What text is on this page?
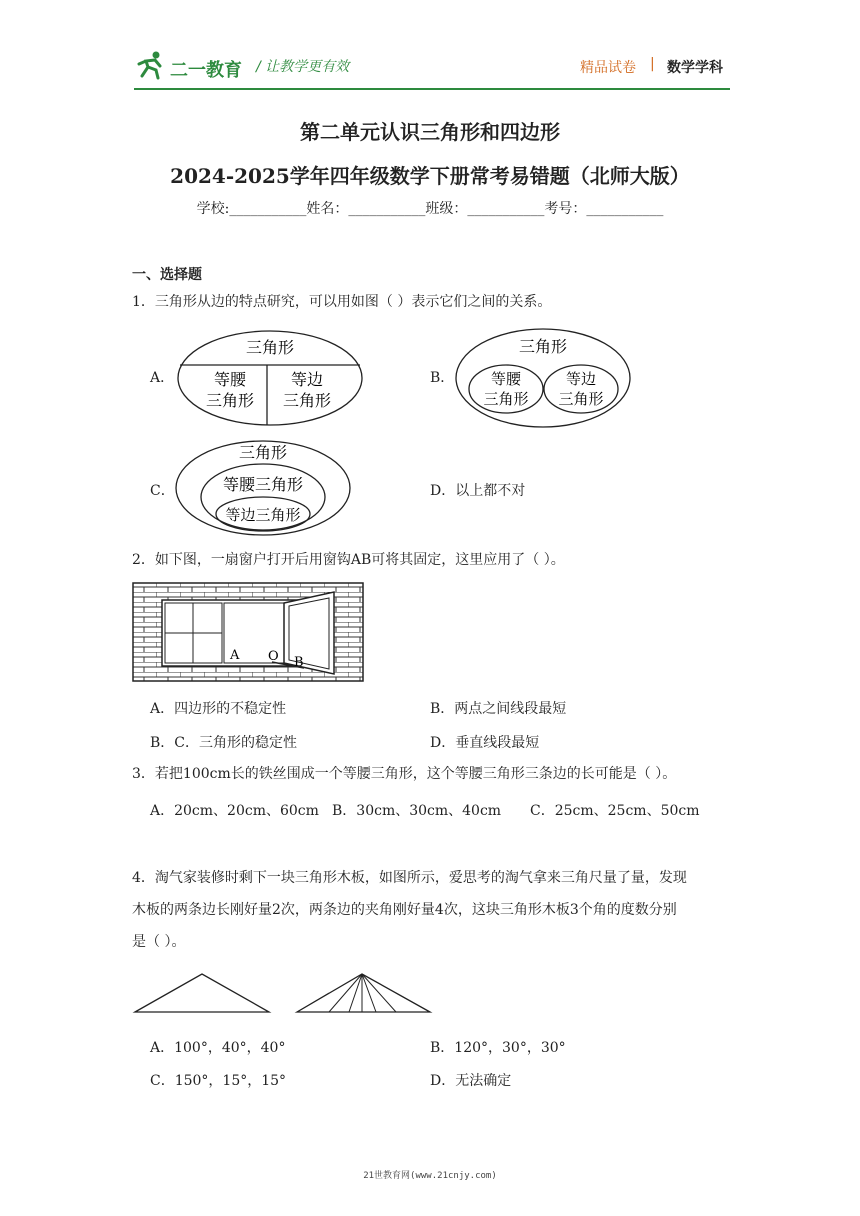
二一教育 / 让教学更有效	精品试卷 | 数学学科
第二单元认识三角形和四边形
2024-2025学年四年级数学下册常考易错题（北师大版）
学校:___________姓名：___________班级：___________考号：___________
一、选择题
1．三角形从边的特点研究，可以用如图（ ）表示它们之间的关系。
A．
三角形
等腰
三角形
等边
三角形
B．
三角形
等腰
三角形
等边
三角形
C．
三角形
等腰三角形
等边三角形
D．以上都不对
2．如下图，一扇窗户打开后用窗钩AB可将其固定，这里应用了（ ）。
A O B
A．四边形的不稳定性	B．两点之间线段最短
B．C．三角形的稳定性	D．垂直线段最短
3．若把100cm长的铁丝围成一个等腰三角形，这个等腰三角形三条边的长可能是（ ）。
A．20cm、20cm、60cm B．30cm、30cm、40cm C．25cm、25cm、50cm
4．淘气家装修时剩下一块三角形木板，如图所示，爱思考的淘气拿来三角尺量了量，发现
木板的两条边长刚好量2次，两条边的夹角刚好量4次，这块三角形木板3个角的度数分别
是（ ）。
A．100°，40°，40°	B．120°，30°，30°
C．150°，15°，15°	D．无法确定
21世教育网(www.21cnjy.com)
